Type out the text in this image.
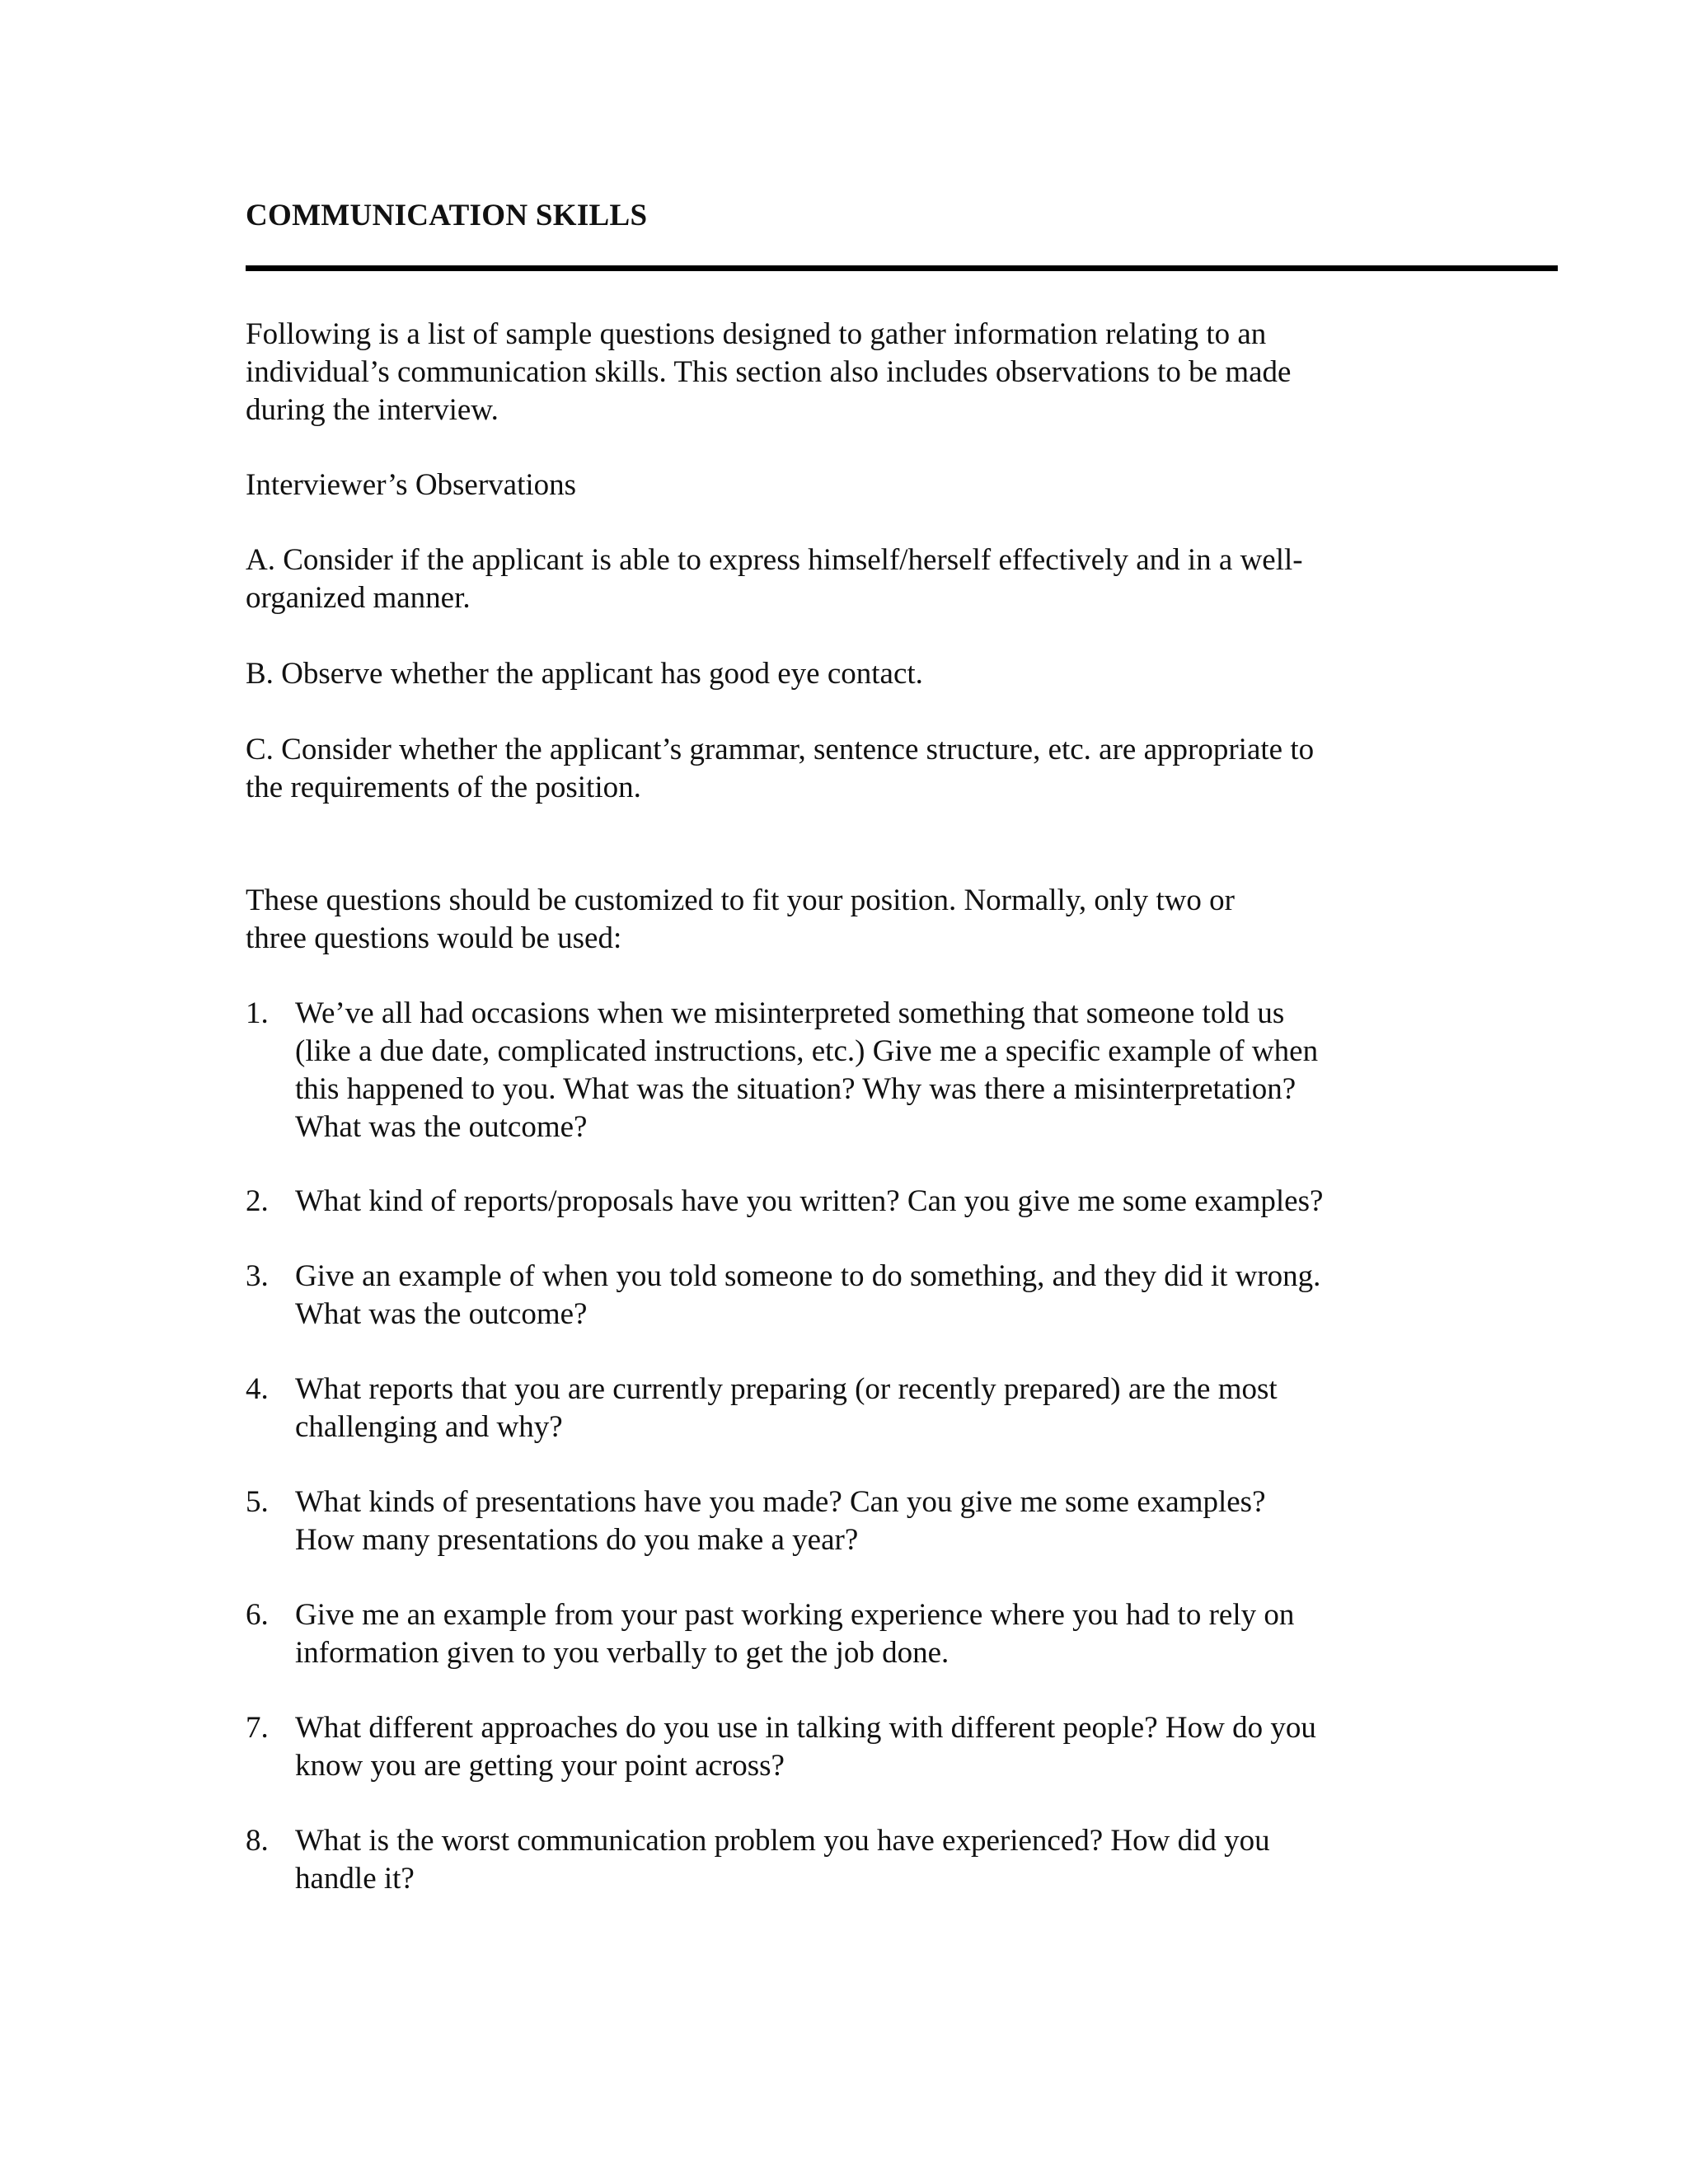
COMMUNICATION SKILLS
Following is a list of sample questions designed to gather information relating to an
individual’s communication skills. This section also includes observations to be made
during the interview.
Interviewer’s Observations
A. Consider if the applicant is able to express himself/herself effectively and in a well-
organized manner.
B. Observe whether the applicant has good eye contact.
C. Consider whether the applicant’s grammar, sentence structure, etc. are appropriate to
the requirements of the position.
These questions should be customized to fit your position. Normally, only two or
three questions would be used:
1. We’ve all had occasions when we misinterpreted something that someone told us
(like a due date, complicated instructions, etc.) Give me a specific example of when
this happened to you. What was the situation? Why was there a misinterpretation?
What was the outcome?
2. What kind of reports/proposals have you written? Can you give me some examples?
3. Give an example of when you told someone to do something, and they did it wrong.
What was the outcome?
4. What reports that you are currently preparing (or recently prepared) are the most
challenging and why?
5. What kinds of presentations have you made? Can you give me some examples?
How many presentations do you make a year?
6. Give me an example from your past working experience where you had to rely on
information given to you verbally to get the job done.
7. What different approaches do you use in talking with different people? How do you
know you are getting your point across?
8. What is the worst communication problem you have experienced? How did you
handle it?
